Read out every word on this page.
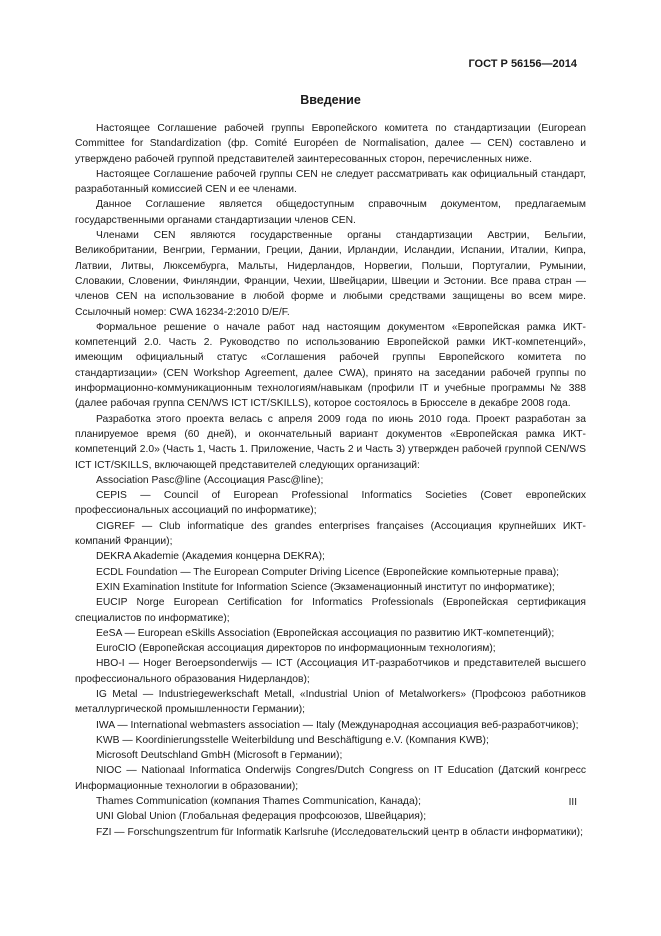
ГОСТ Р 56156—2014
Введение

Настоящее Соглашение рабочей группы Европейского комитета по стандартизации (European Committee for Standardization (фр. Comité Européen de Normalisation, далее — CEN) составлено и утверждено рабочей группой представителей заинтересованных сторон, перечисленных ниже.

Настоящее Соглашение рабочей группы CEN не следует рассматривать как официальный стандарт, разработанный комиссией CEN и ее членами.

Данное Соглашение является общедоступным справочным документом, предлагаемым государственными органами стандартизации членов CEN.

Членами CEN являются государственные органы стандартизации Австрии, Бельгии, Великобритании, Венгрии, Германии, Греции, Дании, Ирландии, Исландии, Испании, Италии, Кипра, Латвии, Литвы, Люксембурга, Мальты, Нидерландов, Норвегии, Польши, Португалии, Румынии, Словакии, Словении, Финляндии, Франции, Чехии, Швейцарии, Швеции и Эстонии. Все права стран — членов CEN на использование в любой форме и любыми средствами защищены во всем мире. Ссылочный номер: CWA 16234-2:2010 D/E/F.

Формальное решение о начале работ над настоящим документом «Европейская рамка ИКТ-компетенций 2.0. Часть 2. Руководство по использованию Европейской рамки ИКТ-компетенций», имеющим официальный статус «Соглашения рабочей группы Европейского комитета по стандартизации» (CEN Workshop Agreement, далее CWA), принято на заседании рабочей группы по информационно-коммуникационным технологиям/навыкам (профили IT и учебные программы № 388 (далее рабочая группа CEN/WS ICT ICT/SKILLS), которое состоялось в Брюсселе в декабре 2008 года.

Разработка этого проекта велась с апреля 2009 года по июнь 2010 года. Проект разработан за планируемое время (60 дней), и окончательный вариант документов «Европейская рамка ИКТ-компетенций 2.0» (Часть 1, Часть 1. Приложение, Часть 2 и Часть 3) утвержден рабочей группой CEN/WS ICT ICT/SKILLS, включающей представителей следующих организаций:

Association Pasc@line (Ассоциация Pasc@line);

CEPIS — Council of European Professional Informatics Societies (Совет европейских профессиональных ассоциаций по информатике);

CIGREF — Club informatique des grandes enterprises françaises (Ассоциация крупнейших ИКТ-компаний Франции);

DEKRA Akademie (Академия концерна DEKRA);

ECDL Foundation — The European Computer Driving Licence (Европейские компьютерные права);

EXIN Examination Institute for Information Science (Экзаменационный институт по информатике);

EUCIP Norge European Certification for Informatics Professionals (Европейская сертификация специалистов по информатике);

EeSA — European eSkills Association (Европейская ассоциация по развитию ИКТ-компетенций);

EuroCIO (Европейская ассоциация директоров по информационным технологиям);

HBO-I — Hoger Beroepsonderwijs — ICT (Ассоциация ИТ-разработчиков и представителей высшего профессионального образования Нидерландов);

IG Metal — Industriegewerkschaft Metall, «Industrial Union of Metalworkers» (Профсоюз работников металлургической промышленности Германии);

IWA — International webmasters association — Italy (Международная ассоциация веб-разработчиков);

KWB — Koordinierungsstelle Weiterbildung und Beschäftigung e.V. (Компания KWB);

Microsoft Deutschland GmbH (Microsoft в Германии);

NIOC — Nationaal Informatica Onderwijs Congres/Dutch Congress on IT Education (Датский конгресс Информационные технологии в образовании);

Thames Communication (компания Thames Communication, Канада);

UNI Global Union (Глобальная федерация профсоюзов, Швейцария);

FZI — Forschungszentrum für Informatik Karlsruhe (Исследовательский центр в области информатики);

III
